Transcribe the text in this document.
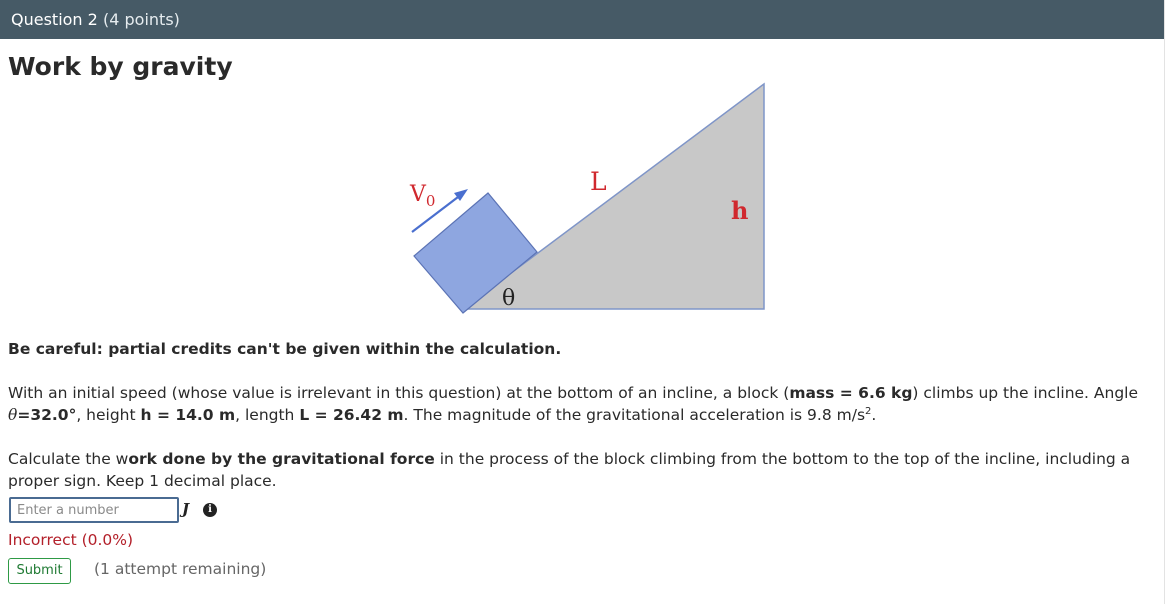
Question 2 (4 points)
Work by gravity
$V_0$
L
h
θ
Be careful: partial credits can't be given within the calculation.
With an initial speed (whose value is irrelevant in this question) at the bottom of an incline, a block (mass = 6.6 kg) climbs up the incline. Angle θ=32.0°, height h = 14.0 m, length L = 26.42 m. The magnitude of the gravitational acceleration is 9.8 $m/s^2$.
Calculate the work done by the gravitational force in the process of the block climbing from the bottom to the top of the incline, including a proper sign. Keep 1 decimal place.
Enter a number
J	i
Incorrect (0.0%)
Submit	(1 attempt remaining)
